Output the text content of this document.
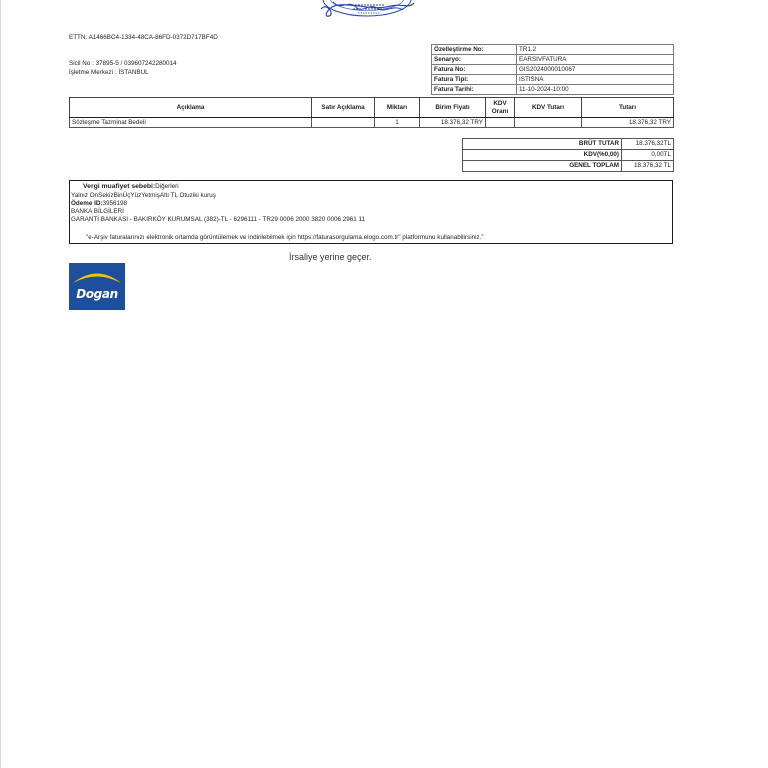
ETTN: A1466BC4-1334-48CA-86FD-0372D717BF4D
Sicil No : 37895-5 / 039607242280014
İşletme Merkezi : İSTANBUL
Özelleştirme No:	TR1.2
Senaryo:	EARSIVFATURA
Fatura No:	GIS2024000010067
Fatura Tipi:	ISTISNA
Fatura Tarihi:	11-10-2024-10:00
Açıklama	Satır Açıklama	Miktarı	Birim Fiyatı	KDV Oranı	KDV Tutarı	Tutarı
Sözleşme Tazminat Bedeli		1	18.376,32 TRY			18.376,32 TRY
BRÜT TUTAR	18.376,32TL
KDV(%0,00)	0,00TL
GENEL TOPLAM	18.376,32 TL
Vergi muafiyet sebebi:Diğerleri
Yalnız OnSekizBinÜçYüzYetmişAltı TL Otuziki kuruş
Ödeme ID:3956198
BANKA BİLGİLERİ
GARANTİ BANKASI - BAKIRKÖY KURUMSAL (382)-TL - 6296111 - TR29 0006 2000 3820 0006 2961 11
"e-Arşiv faturalarınızı elektronik ortamda görüntülemek ve indirilebilmek için https://faturasorgulama.elogo.com.tr" platformunu kullanabilirsiniz."
İrsaliye yerine geçer.
Dogan
